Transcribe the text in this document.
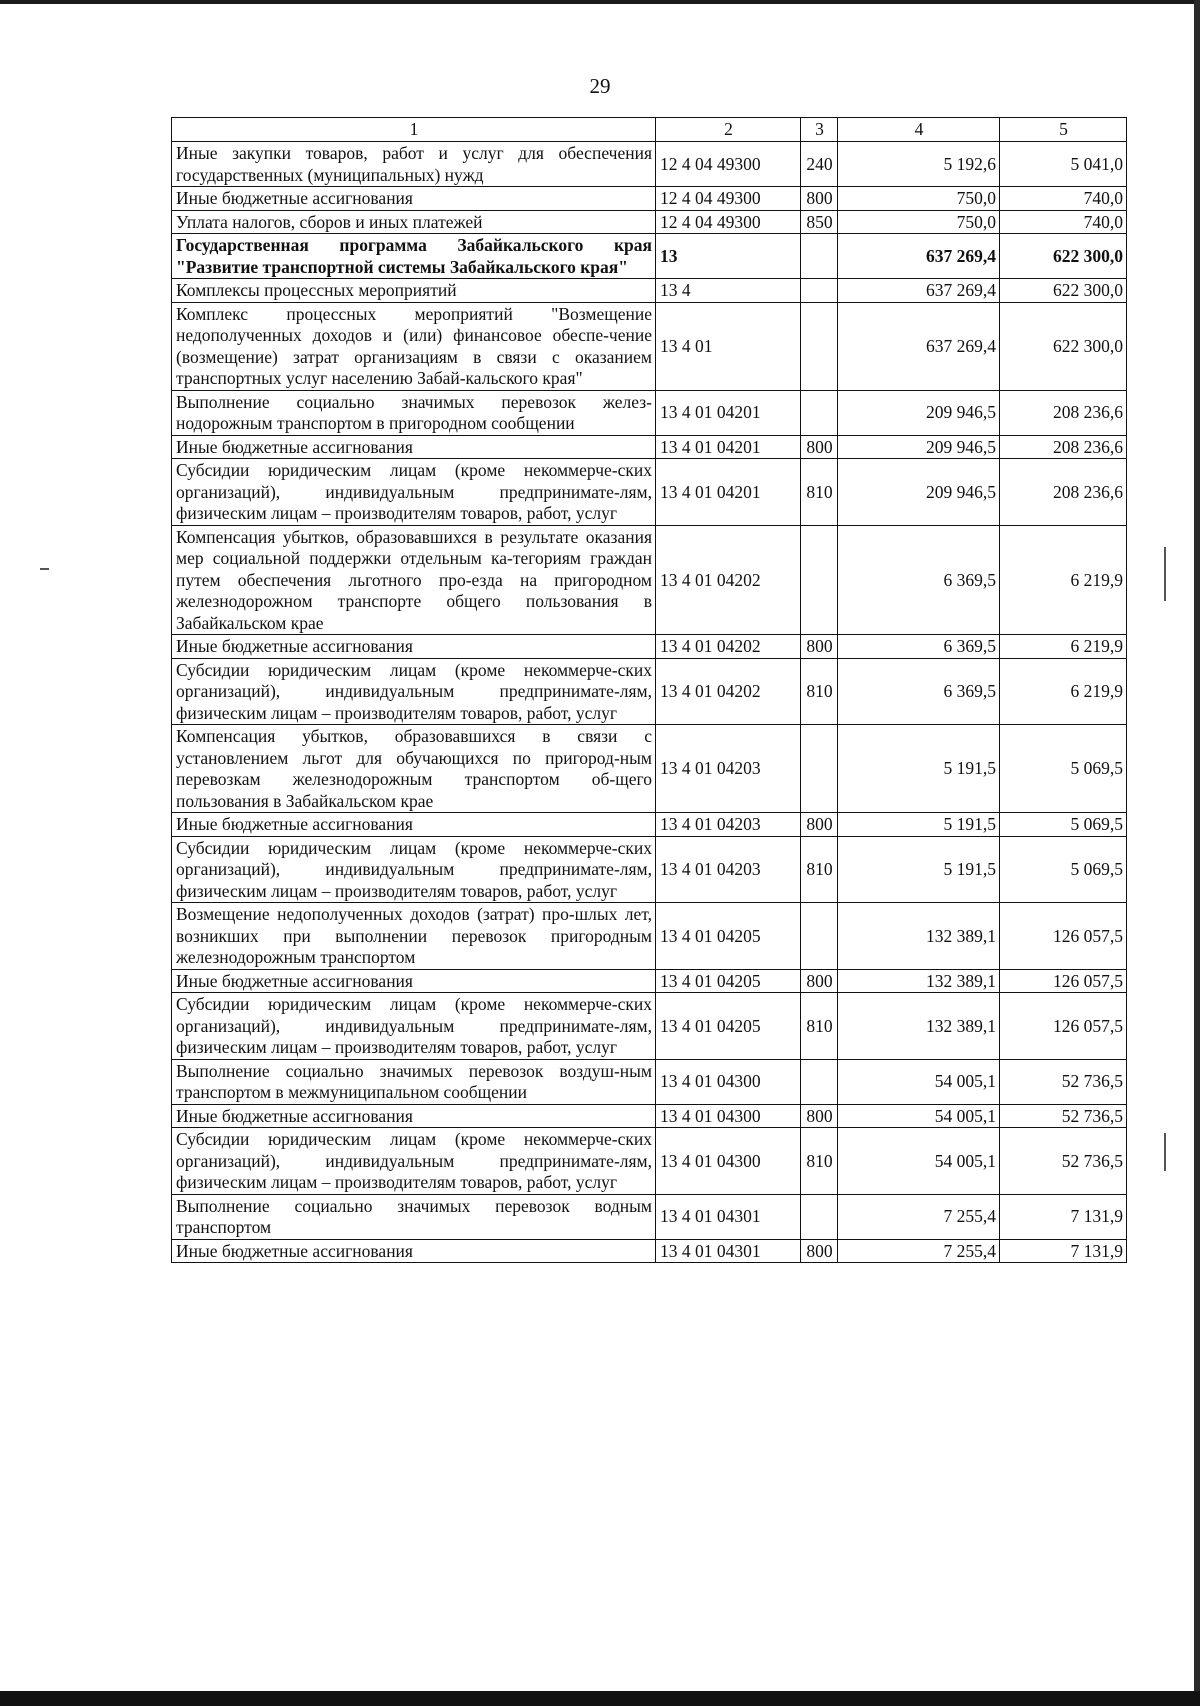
29
1	2	3	4	5
Иные закупки товаров, работ и услуг для обеспечения государственных (муниципальных) нужд	12 4 04 49300	240	5 192,6	5 041,0
Иные бюджетные ассигнования	12 4 04 49300	800	750,0	740,0
Уплата налогов, сборов и иных платежей	12 4 04 49300	850	750,0	740,0
Государственная программа Забайкальского края "Развитие транспортной системы Забайкальского края"	13		637 269,4	622 300,0
Комплексы процессных мероприятий	13 4		637 269,4	622 300,0
Комплекс процессных мероприятий "Возмещение недополученных доходов и (или) финансовое обеспе-чение (возмещение) затрат организациям в связи с оказанием транспортных услуг населению Забай-кальского края"	13 4 01		637 269,4	622 300,0
Выполнение социально значимых перевозок желез-нодорожным транспортом в пригородном сообщении	13 4 01 04201		209 946,5	208 236,6
Иные бюджетные ассигнования	13 4 01 04201	800	209 946,5	208 236,6
Субсидии юридическим лицам (кроме некоммерче-ских организаций), индивидуальным предпринимате-лям, физическим лицам – производителям товаров, работ, услуг	13 4 01 04201	810	209 946,5	208 236,6
Компенсация убытков, образовавшихся в результате оказания мер социальной поддержки отдельным ка-тегориям граждан путем обеспечения льготного про-езда на пригородном железнодорожном транспорте общего пользования в Забайкальском крае	13 4 01 04202		6 369,5	6 219,9
Иные бюджетные ассигнования	13 4 01 04202	800	6 369,5	6 219,9
Субсидии юридическим лицам (кроме некоммерче-ских организаций), индивидуальным предпринимате-лям, физическим лицам – производителям товаров, работ, услуг	13 4 01 04202	810	6 369,5	6 219,9
Компенсация убытков, образовавшихся в связи с установлением льгот для обучающихся по пригород-ным перевозкам железнодорожным транспортом об-щего пользования в Забайкальском крае	13 4 01 04203		5 191,5	5 069,5
Иные бюджетные ассигнования	13 4 01 04203	800	5 191,5	5 069,5
Субсидии юридическим лицам (кроме некоммерче-ских организаций), индивидуальным предпринимате-лям, физическим лицам – производителям товаров, работ, услуг	13 4 01 04203	810	5 191,5	5 069,5
Возмещение недополученных доходов (затрат) про-шлых лет, возникших при выполнении перевозок пригородным железнодорожным транспортом	13 4 01 04205		132 389,1	126 057,5
Иные бюджетные ассигнования	13 4 01 04205	800	132 389,1	126 057,5
Субсидии юридическим лицам (кроме некоммерче-ских организаций), индивидуальным предпринимате-лям, физическим лицам – производителям товаров, работ, услуг	13 4 01 04205	810	132 389,1	126 057,5
Выполнение социально значимых перевозок воздуш-ным транспортом в межмуниципальном сообщении	13 4 01 04300		54 005,1	52 736,5
Иные бюджетные ассигнования	13 4 01 04300	800	54 005,1	52 736,5
Субсидии юридическим лицам (кроме некоммерче-ских организаций), индивидуальным предпринимате-лям, физическим лицам – производителям товаров, работ, услуг	13 4 01 04300	810	54 005,1	52 736,5
Выполнение социально значимых перевозок водным транспортом	13 4 01 04301		7 255,4	7 131,9
Иные бюджетные ассигнования	13 4 01 04301	800	7 255,4	7 131,9
